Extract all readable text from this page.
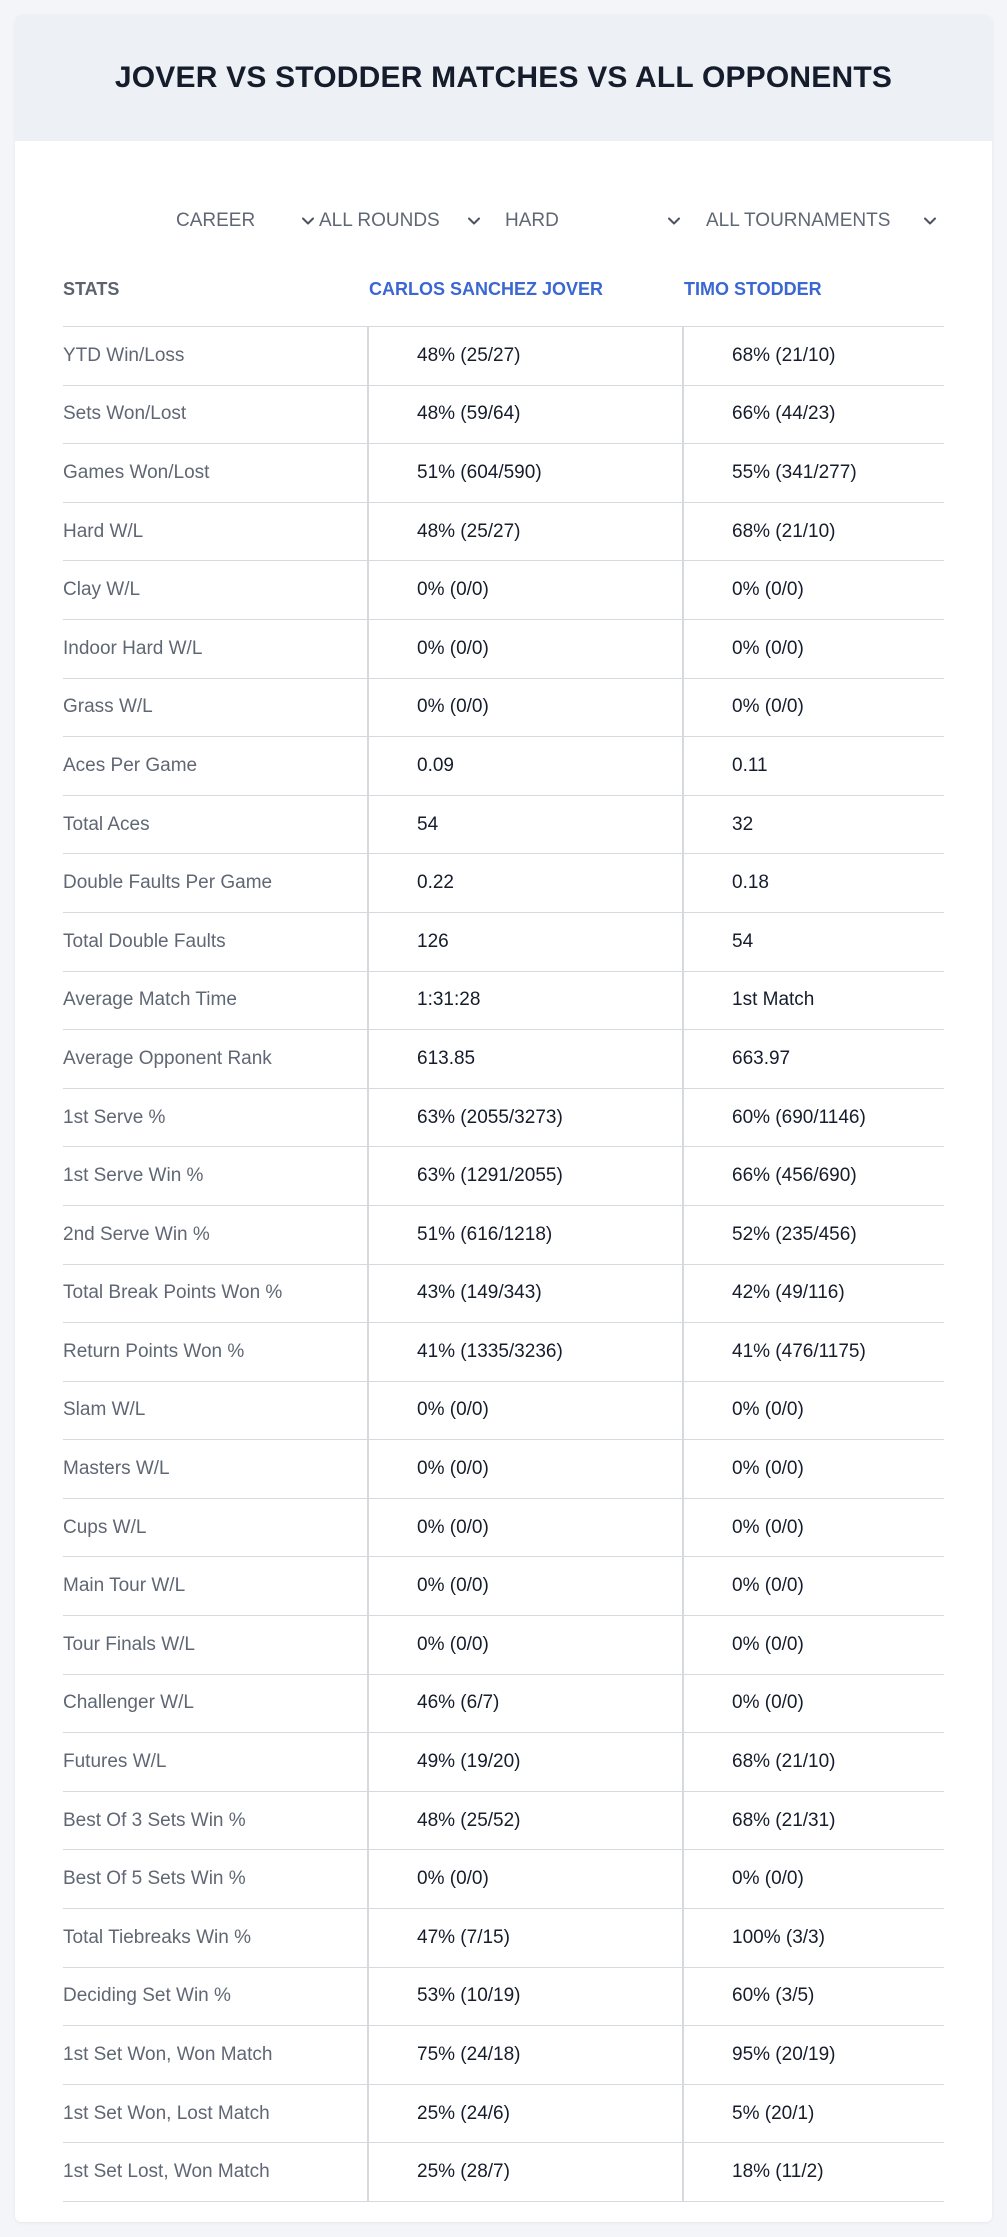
JOVER VS STODDER MATCHES VS ALL OPPONENTS
CAREER	ALL ROUNDS	HARD	ALL TOURNAMENTS
STATS	CARLOS SANCHEZ JOVER	TIMO STODDER
YTD Win/Loss	48% (25/27)	68% (21/10)
Sets Won/Lost	48% (59/64)	66% (44/23)
Games Won/Lost	51% (604/590)	55% (341/277)
Hard W/L	48% (25/27)	68% (21/10)
Clay W/L	0% (0/0)	0% (0/0)
Indoor Hard W/L	0% (0/0)	0% (0/0)
Grass W/L	0% (0/0)	0% (0/0)
Aces Per Game	0.09	0.11
Total Aces	54	32
Double Faults Per Game	0.22	0.18
Total Double Faults	126	54
Average Match Time	1:31:28	1st Match
Average Opponent Rank	613.85	663.97
1st Serve %	63% (2055/3273)	60% (690/1146)
1st Serve Win %	63% (1291/2055)	66% (456/690)
2nd Serve Win %	51% (616/1218)	52% (235/456)
Total Break Points Won %	43% (149/343)	42% (49/116)
Return Points Won %	41% (1335/3236)	41% (476/1175)
Slam W/L	0% (0/0)	0% (0/0)
Masters W/L	0% (0/0)	0% (0/0)
Cups W/L	0% (0/0)	0% (0/0)
Main Tour W/L	0% (0/0)	0% (0/0)
Tour Finals W/L	0% (0/0)	0% (0/0)
Challenger W/L	46% (6/7)	0% (0/0)
Futures W/L	49% (19/20)	68% (21/10)
Best Of 3 Sets Win %	48% (25/52)	68% (21/31)
Best Of 5 Sets Win %	0% (0/0)	0% (0/0)
Total Tiebreaks Win %	47% (7/15)	100% (3/3)
Deciding Set Win %	53% (10/19)	60% (3/5)
1st Set Won, Won Match	75% (24/18)	95% (20/19)
1st Set Won, Lost Match	25% (24/6)	5% (20/1)
1st Set Lost, Won Match	25% (28/7)	18% (11/2)
